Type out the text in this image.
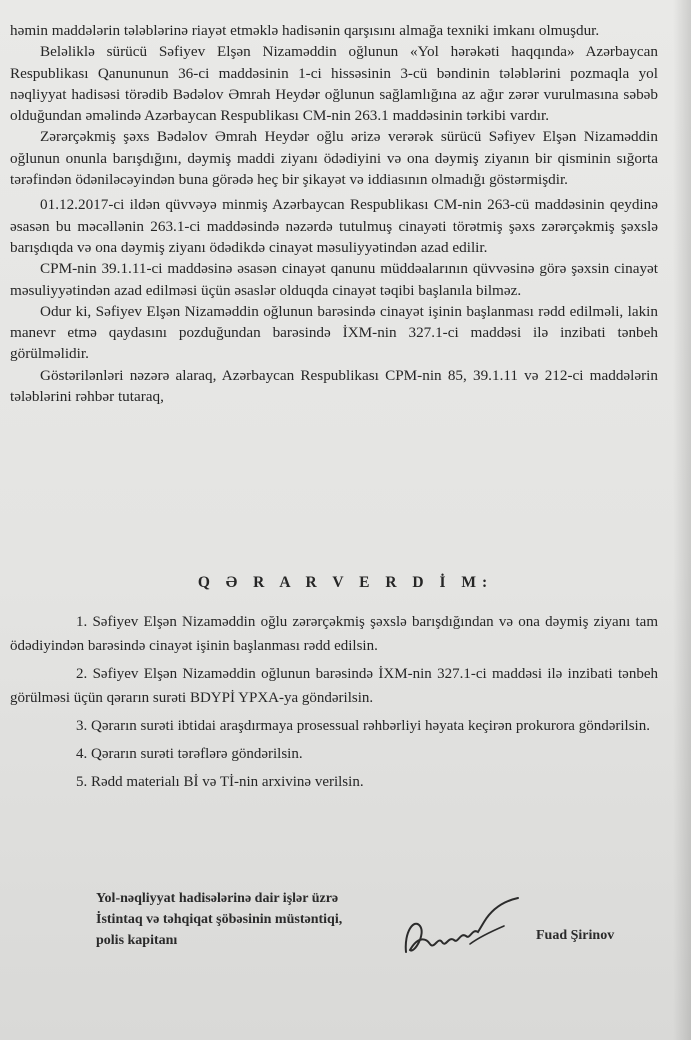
həmin maddələrin tələblərinə riayət etməklə hadisənin qarşısını almağa texniki imkanı olmuşdur.

Beləliklə sürücü Səfiyev Elşən Nizaməddin oğlunun «Yol hərəkəti haqqında» Azərbaycan Respublikası Qanununun 36-ci maddəsinin 1-ci hissəsinin 3-cü bəndinin tələblərini pozmaqla yol nəqliyyat hadisəsi törədib Bədəlov Əmrah Heydər oğlunun sağlamlığına az ağır zərər vurulmasına səbəb olduğundan əməlində Azərbaycan Respublikası CM-nin 263.1 maddəsinin tərkibi vardır.

Zərərçəkmiş şəxs Bədəlov Əmrah Heydər oğlu ərizə verərək sürücü Səfiyev Elşən Nizaməddin oğlunun onunla barışdığını, dəymiş maddi ziyanı ödədiyini və ona dəymiş ziyanın bir qisminin sığorta tərəfindən ödəniləcəyindən buna görədə heç bir şikayət və iddiasının olmadığı göstərmişdir.

01.12.2017-ci ildən qüvvəyə minmiş Azərbaycan Respublikası CM-nin 263-cü maddəsinin qeydinə əsasən bu məcəllənin 263.1-ci maddəsində nəzərdə tutulmuş cinayəti törətmiş şəxs zərərçəkmiş şəxslə barışdıqda və ona dəymiş ziyanı ödədikdə cinayət məsuliyyətindən azad edilir.

CPM-nin 39.1.11-ci maddəsinə əsasən cinayət qanunu müddəalarının qüvvəsinə görə şəxsin cinayət məsuliyyətindən azad edilməsi üçün əsaslər olduqda cinayət təqibi başlanıla bilməz.

Odur ki, Səfiyev Elşən Nizaməddin oğlunun barəsində cinayət işinin başlanması rədd edilməli, lakin manevr etmə qaydasını pozduğundan barəsində İXM-nin 327.1-ci maddəsi ilə inzibati tənbeh görülməlidir.

Göstərilənləri nəzərə alaraq, Azərbaycan Respublikası CPM-nin 85, 39.1.11 və 212-ci maddələrin tələblərini rəhbər tutaraq,

Q Ə R A R V E R D İ M:

1. Səfiyev Elşən Nizaməddin oğlu zərərçəkmiş şəxslə barışdığından və ona dəymiş ziyanı tam ödədiyindən barəsində cinayət işinin başlanması rədd edilsin.

2. Səfiyev Elşən Nizaməddin oğlunun barəsində İXM-nin 327.1-ci maddəsi ilə inzibati tənbeh görülməsi üçün qərarın surəti BDYPİ YPXA-ya göndərilsin.

3. Qərarın surəti ibtidai araşdırmaya prosessual rəhbərliyi həyata keçirən prokurora göndərilsin.

4. Qərarın surəti tərəflərə göndərilsin.

5. Rədd materialı Bİ və Tİ-nin arxivinə verilsin.

Yol-nəqliyyat hadisələrinə dair işlər üzrə
İstintaq və təhqiqat şöbəsinin müstəntiqi,
polis kapitanı	Fuad Şirinov
